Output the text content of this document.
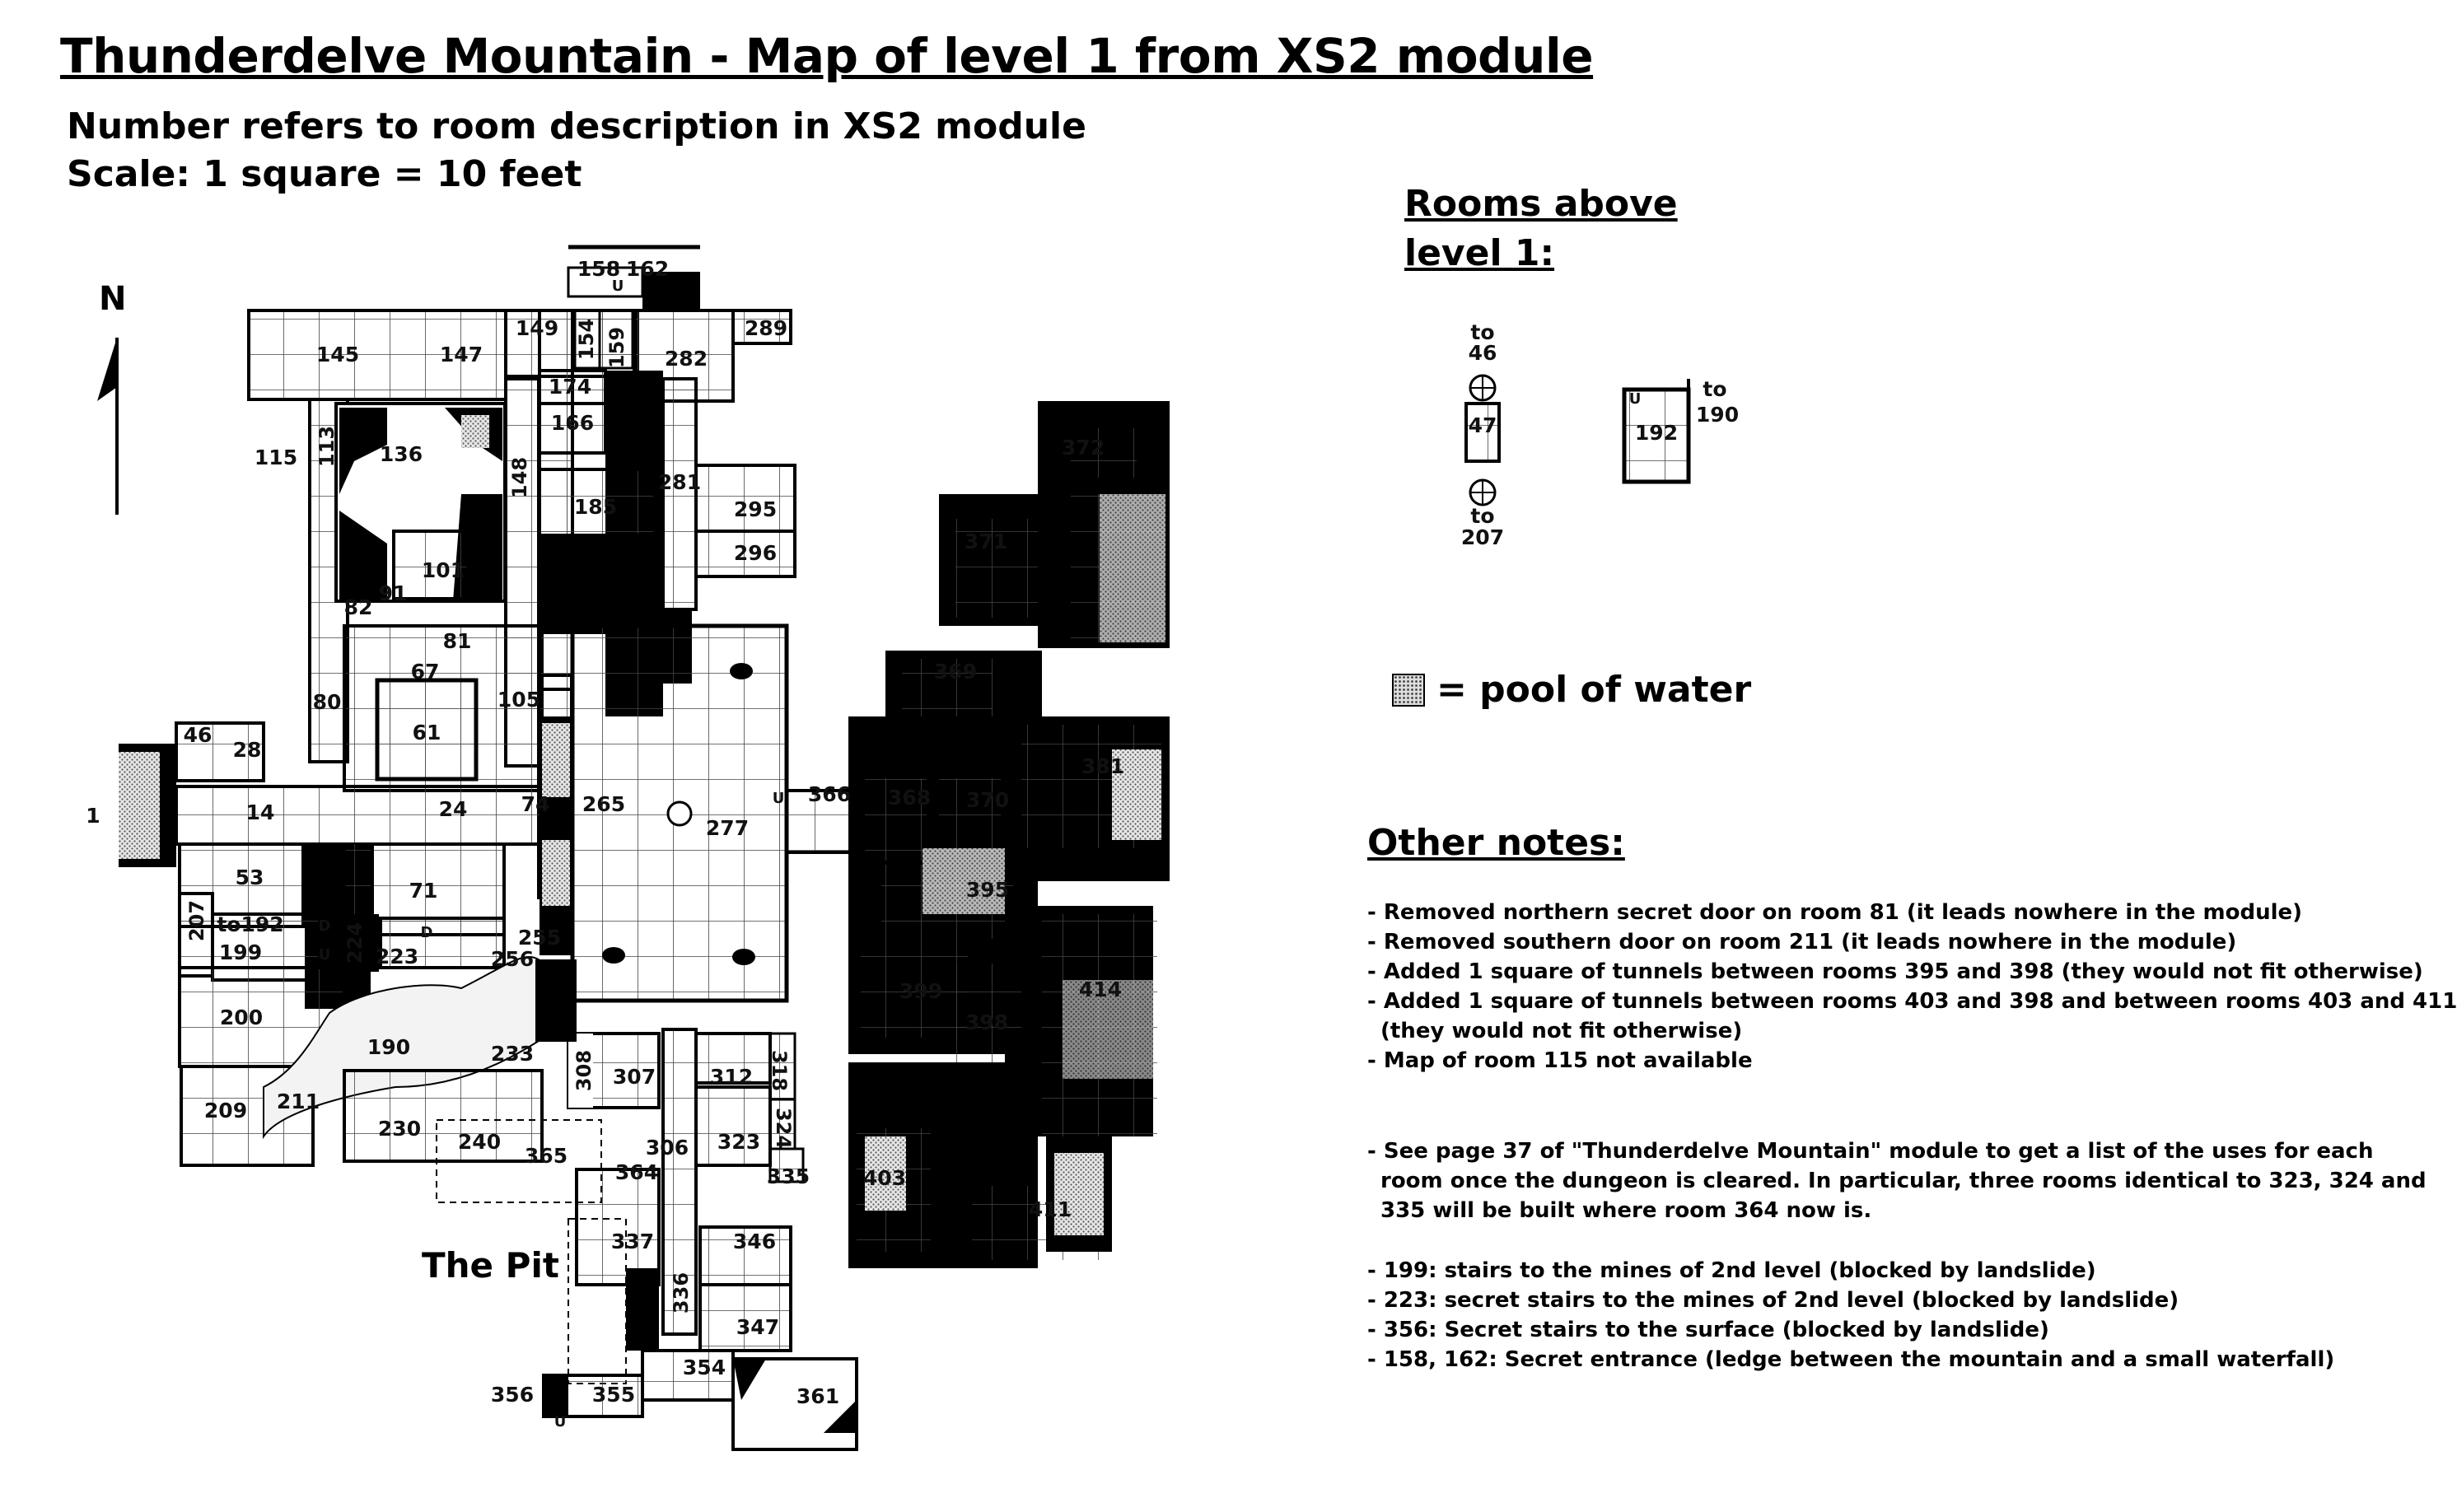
145	147
149 154 159
158 162
282
289
174
166
136
113
115	148
185
281
295
296
101
91
82
81
67
80
61
105
46
28
1	14	24	74 265
277
53
71
207 to192
199	224 223
255
256
200
190	233 308 307	312 318
209 211
230
240
365	306 323 324
364	335
337	346
336
347
354
356	355	361
372
371
369
381
366 368 370
395
399	414
398
403
411
U
U
D
U
D
U
47
to
46
to
207
192
U	to
190
Thunderdelve Mountain - Map of level 1 from XS2 module
Number refers to room description in XS2 module
Scale: 1 square = 10 feet
N
Rooms above
level 1:
= pool of water
Other notes:
- Removed northern secret door on room 81 (it leads nowhere in the module)
- Removed southern door on room 211 (it leads nowhere in the module)
- Added 1 square of tunnels between rooms 395 and 398 (they would not fit otherwise)
- Added 1 square of tunnels between rooms 403 and 398 and between rooms 403 and 411
(they would not fit otherwise)
- Map of room 115 not available
- See page 37 of "Thunderdelve Mountain" module to get a list of the uses for each
room once the dungeon is cleared. In particular, three rooms identical to 323, 324 and
335 will be built where room 364 now is.
- 199: stairs to the mines of 2nd level (blocked by landslide)
- 223: secret stairs to the mines of 2nd level (blocked by landslide)
- 356: Secret stairs to the surface (blocked by landslide)
- 158, 162: Secret entrance (ledge between the mountain and a small waterfall)
The Pit
